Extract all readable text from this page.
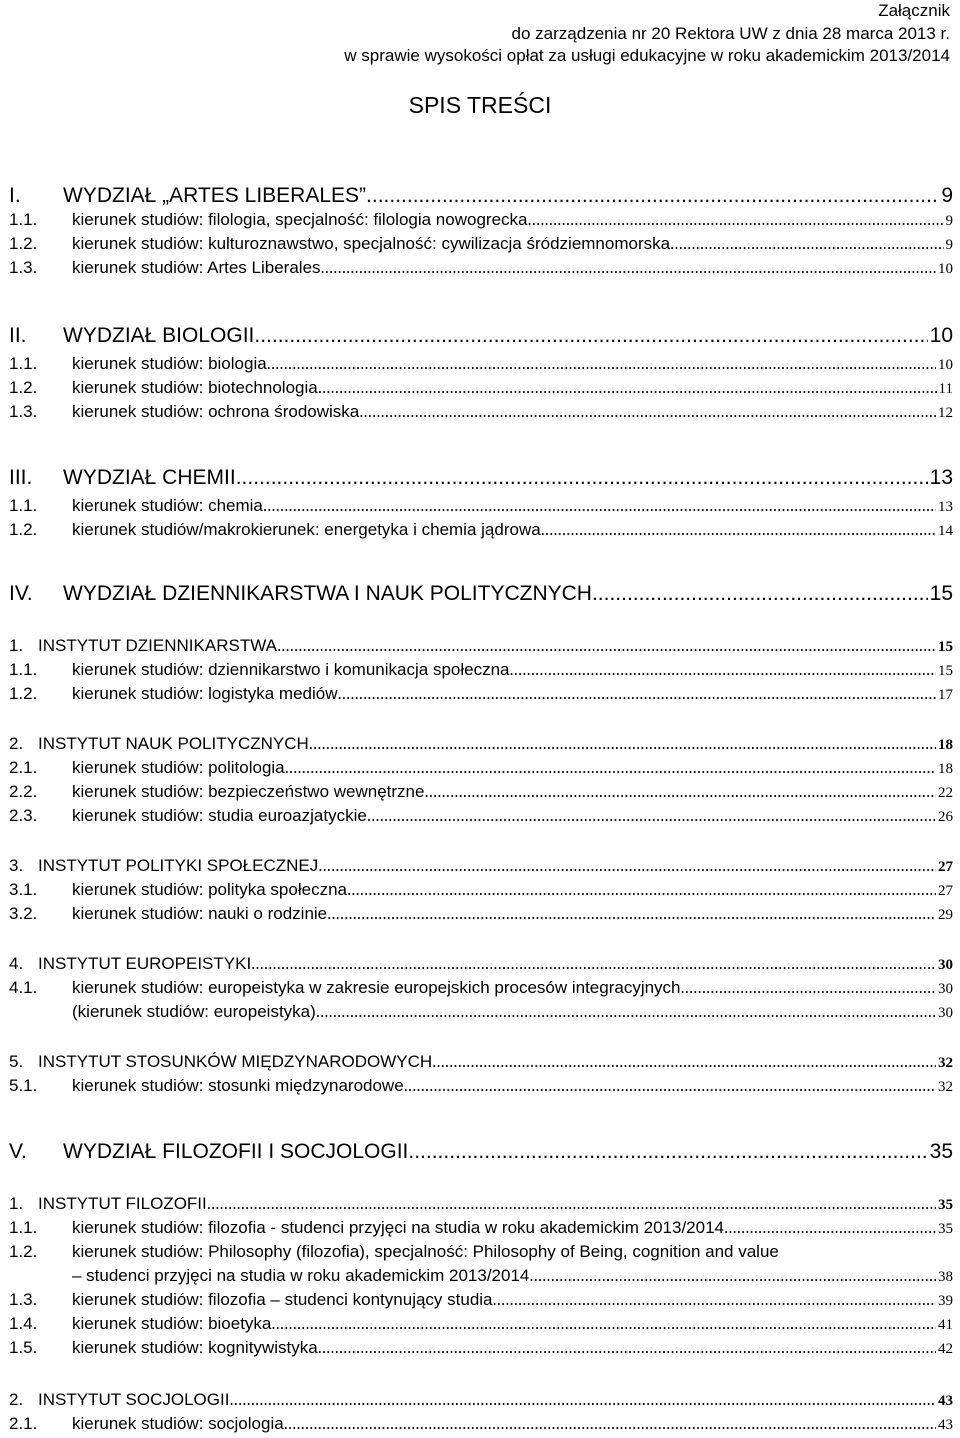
Załącznik
do zarządzenia nr 20 Rektora UW z dnia 28 marca 2013 r.
w sprawie wysokości opłat za usługi edukacyjne w roku akademickim 2013/2014
SPIS TREŚCI
I.	WYDZIAŁ „ARTES LIBERALES” .....	9
1.1.	kierunek studiów: filologia, specjalność: filologia nowogrecka .....	9
1.2.	kierunek studiów: kulturoznawstwo, specjalność: cywilizacja śródziemnomorska .....	9
1.3.	kierunek studiów: Artes Liberales .....	10
II.	WYDZIAŁ BIOLOGII .....	10
1.1.	kierunek studiów: biologia .....	10
1.2.	kierunek studiów: biotechnologia .....	11
1.3.	kierunek studiów: ochrona środowiska .....	12
III.	WYDZIAŁ CHEMII .....	13
1.1.	kierunek studiów: chemia .....	13
1.2.	kierunek studiów/makrokierunek: energetyka i chemia jądrowa .....	14
IV.	WYDZIAŁ DZIENNIKARSTWA I NAUK POLITYCZNYCH .....	15
1. INSTYTUT DZIENNIKARSTWA .....	15
1.1.	kierunek studiów: dziennikarstwo i komunikacja społeczna .....	15
1.2.	kierunek studiów: logistyka mediów .....	17
2. INSTYTUT NAUK POLITYCZNYCH .....	18
2.1.	kierunek studiów: politologia .....	18
2.2.	kierunek studiów: bezpieczeństwo wewnętrzne .....	22
2.3.	kierunek studiów: studia euroazjatyckie .....	26
3. INSTYTUT POLITYKI SPOŁECZNEJ .....	27
3.1.	kierunek studiów: polityka społeczna .....	27
3.2.	kierunek studiów: nauki o rodzinie .....	29
4. INSTYTUT EUROPEISTYKI .....	30
4.1.	kierunek studiów: europeistyka w zakresie europejskich procesów integracyjnych .....	30
(kierunek studiów: europeistyka) .....	30
5. INSTYTUT STOSUNKÓW MIĘDZYNARODOWYCH .....	32
5.1.	kierunek studiów: stosunki międzynarodowe .....	32
V.	WYDZIAŁ FILOZOFII I SOCJOLOGII .....	35
1. INSTYTUT FILOZOFII .....	35
1.1.	kierunek studiów: filozofia - studenci przyjęci na studia w roku akademickim 2013/2014 .....	35
1.2.	kierunek studiów: Philosophy (filozofia), specjalność: Philosophy of Being, cognition and value
– studenci przyjęci na studia w roku akademickim 2013/2014 .....	38
1.3.	kierunek studiów: filozofia – studenci kontynujący studia .....	39
1.4.	kierunek studiów: bioetyka .....	41
1.5.	kierunek studiów: kognitywistyka .....	42
2. INSTYTUT SOCJOLOGII .....	43
2.1.	kierunek studiów: socjologia .....	43
